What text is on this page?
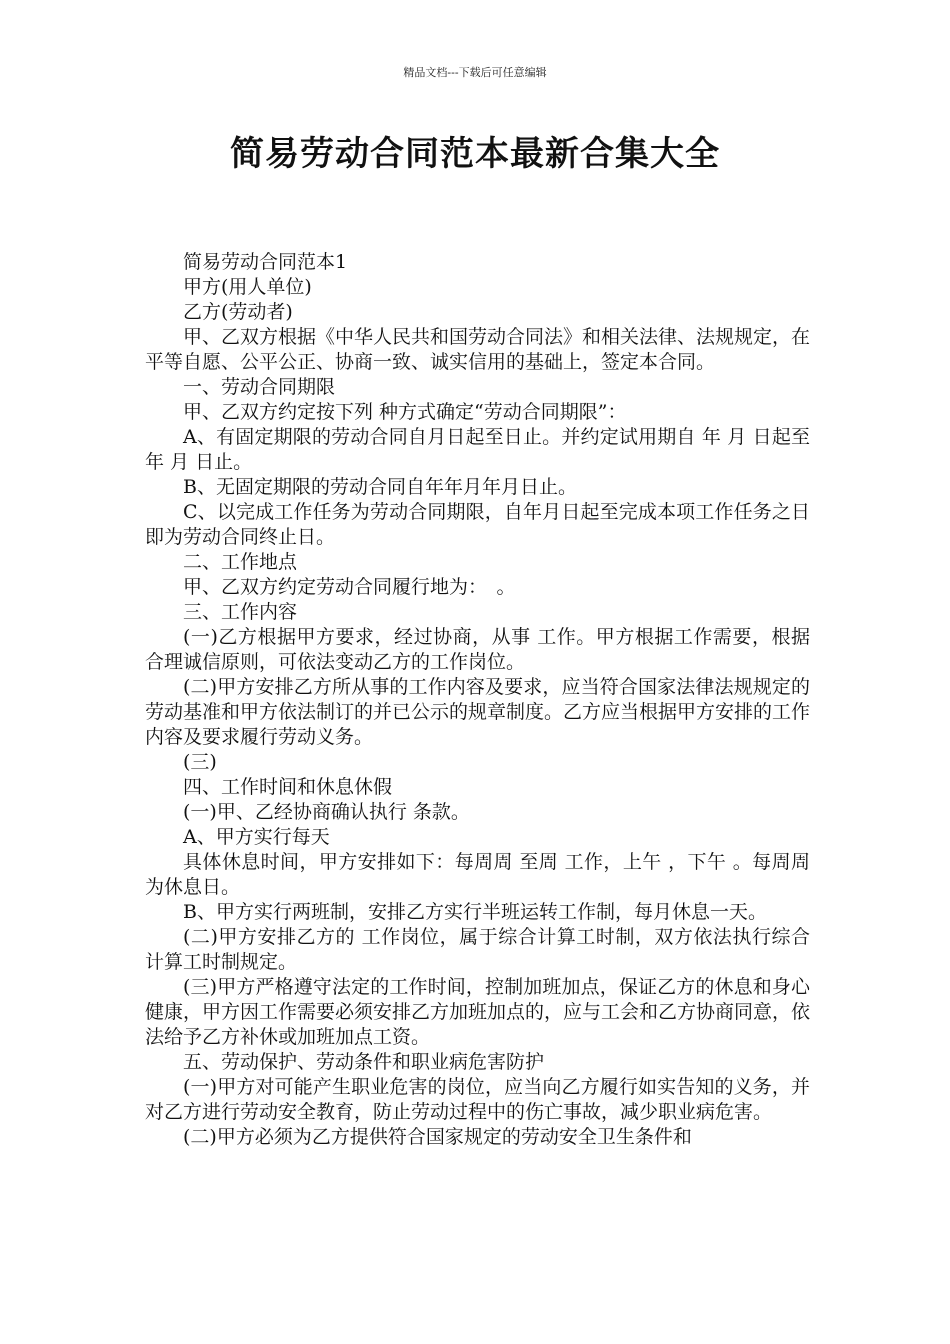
精品文档---下载后可任意编辑
简易劳动合同范本最新合集大全

简易劳动合同范本1

甲方(用人单位)

乙方(劳动者)

甲、乙双方根据《中华人民共和国劳动合同法》和相关法律、法规规定，在平等自愿、公平公正、协商一致、诚实信用的基础上，签定本合同。

一、劳动合同期限

甲、乙双方约定按下列 种方式确定“劳动合同期限”：

A、有固定期限的劳动合同自月日起至日止。并约定试用期自 年 月 日起至 年 月 日止。

B、无固定期限的劳动合同自年年月年月日止。

C、以完成工作任务为劳动合同期限，自年月日起至完成本项工作任务之日即为劳动合同终止日。

二、工作地点

甲、乙双方约定劳动合同履行地为：　。

三、工作内容

(一)乙方根据甲方要求，经过协商，从事 工作。甲方根据工作需要，根据合理诚信原则，可依法变动乙方的工作岗位。

(二)甲方安排乙方所从事的工作内容及要求，应当符合国家法律法规规定的劳动基准和甲方依法制订的并已公示的规章制度。乙方应当根据甲方安排的工作内容及要求履行劳动义务。

(三)

四、工作时间和休息休假

(一)甲、乙经协商确认执行 条款。

A、甲方实行每天

具体休息时间，甲方安排如下：每周周 至周 工作，上午 ，下午 。每周周 为休息日。

B、甲方实行两班制，安排乙方实行半班运转工作制，每月休息一天。

(二)甲方安排乙方的 工作岗位，属于综合计算工时制，双方依法执行综合计算工时制规定。

(三)甲方严格遵守法定的工作时间，控制加班加点，保证乙方的休息和身心健康，甲方因工作需要必须安排乙方加班加点的，应与工会和乙方协商同意，依法给予乙方补休或加班加点工资。

五、劳动保护、劳动条件和职业病危害防护

(一)甲方对可能产生职业危害的岗位，应当向乙方履行如实告知的义务，并对乙方进行劳动安全教育，防止劳动过程中的伤亡事故，减少职业病危害。

(二)甲方必须为乙方提供符合国家规定的劳动安全卫生条件和
